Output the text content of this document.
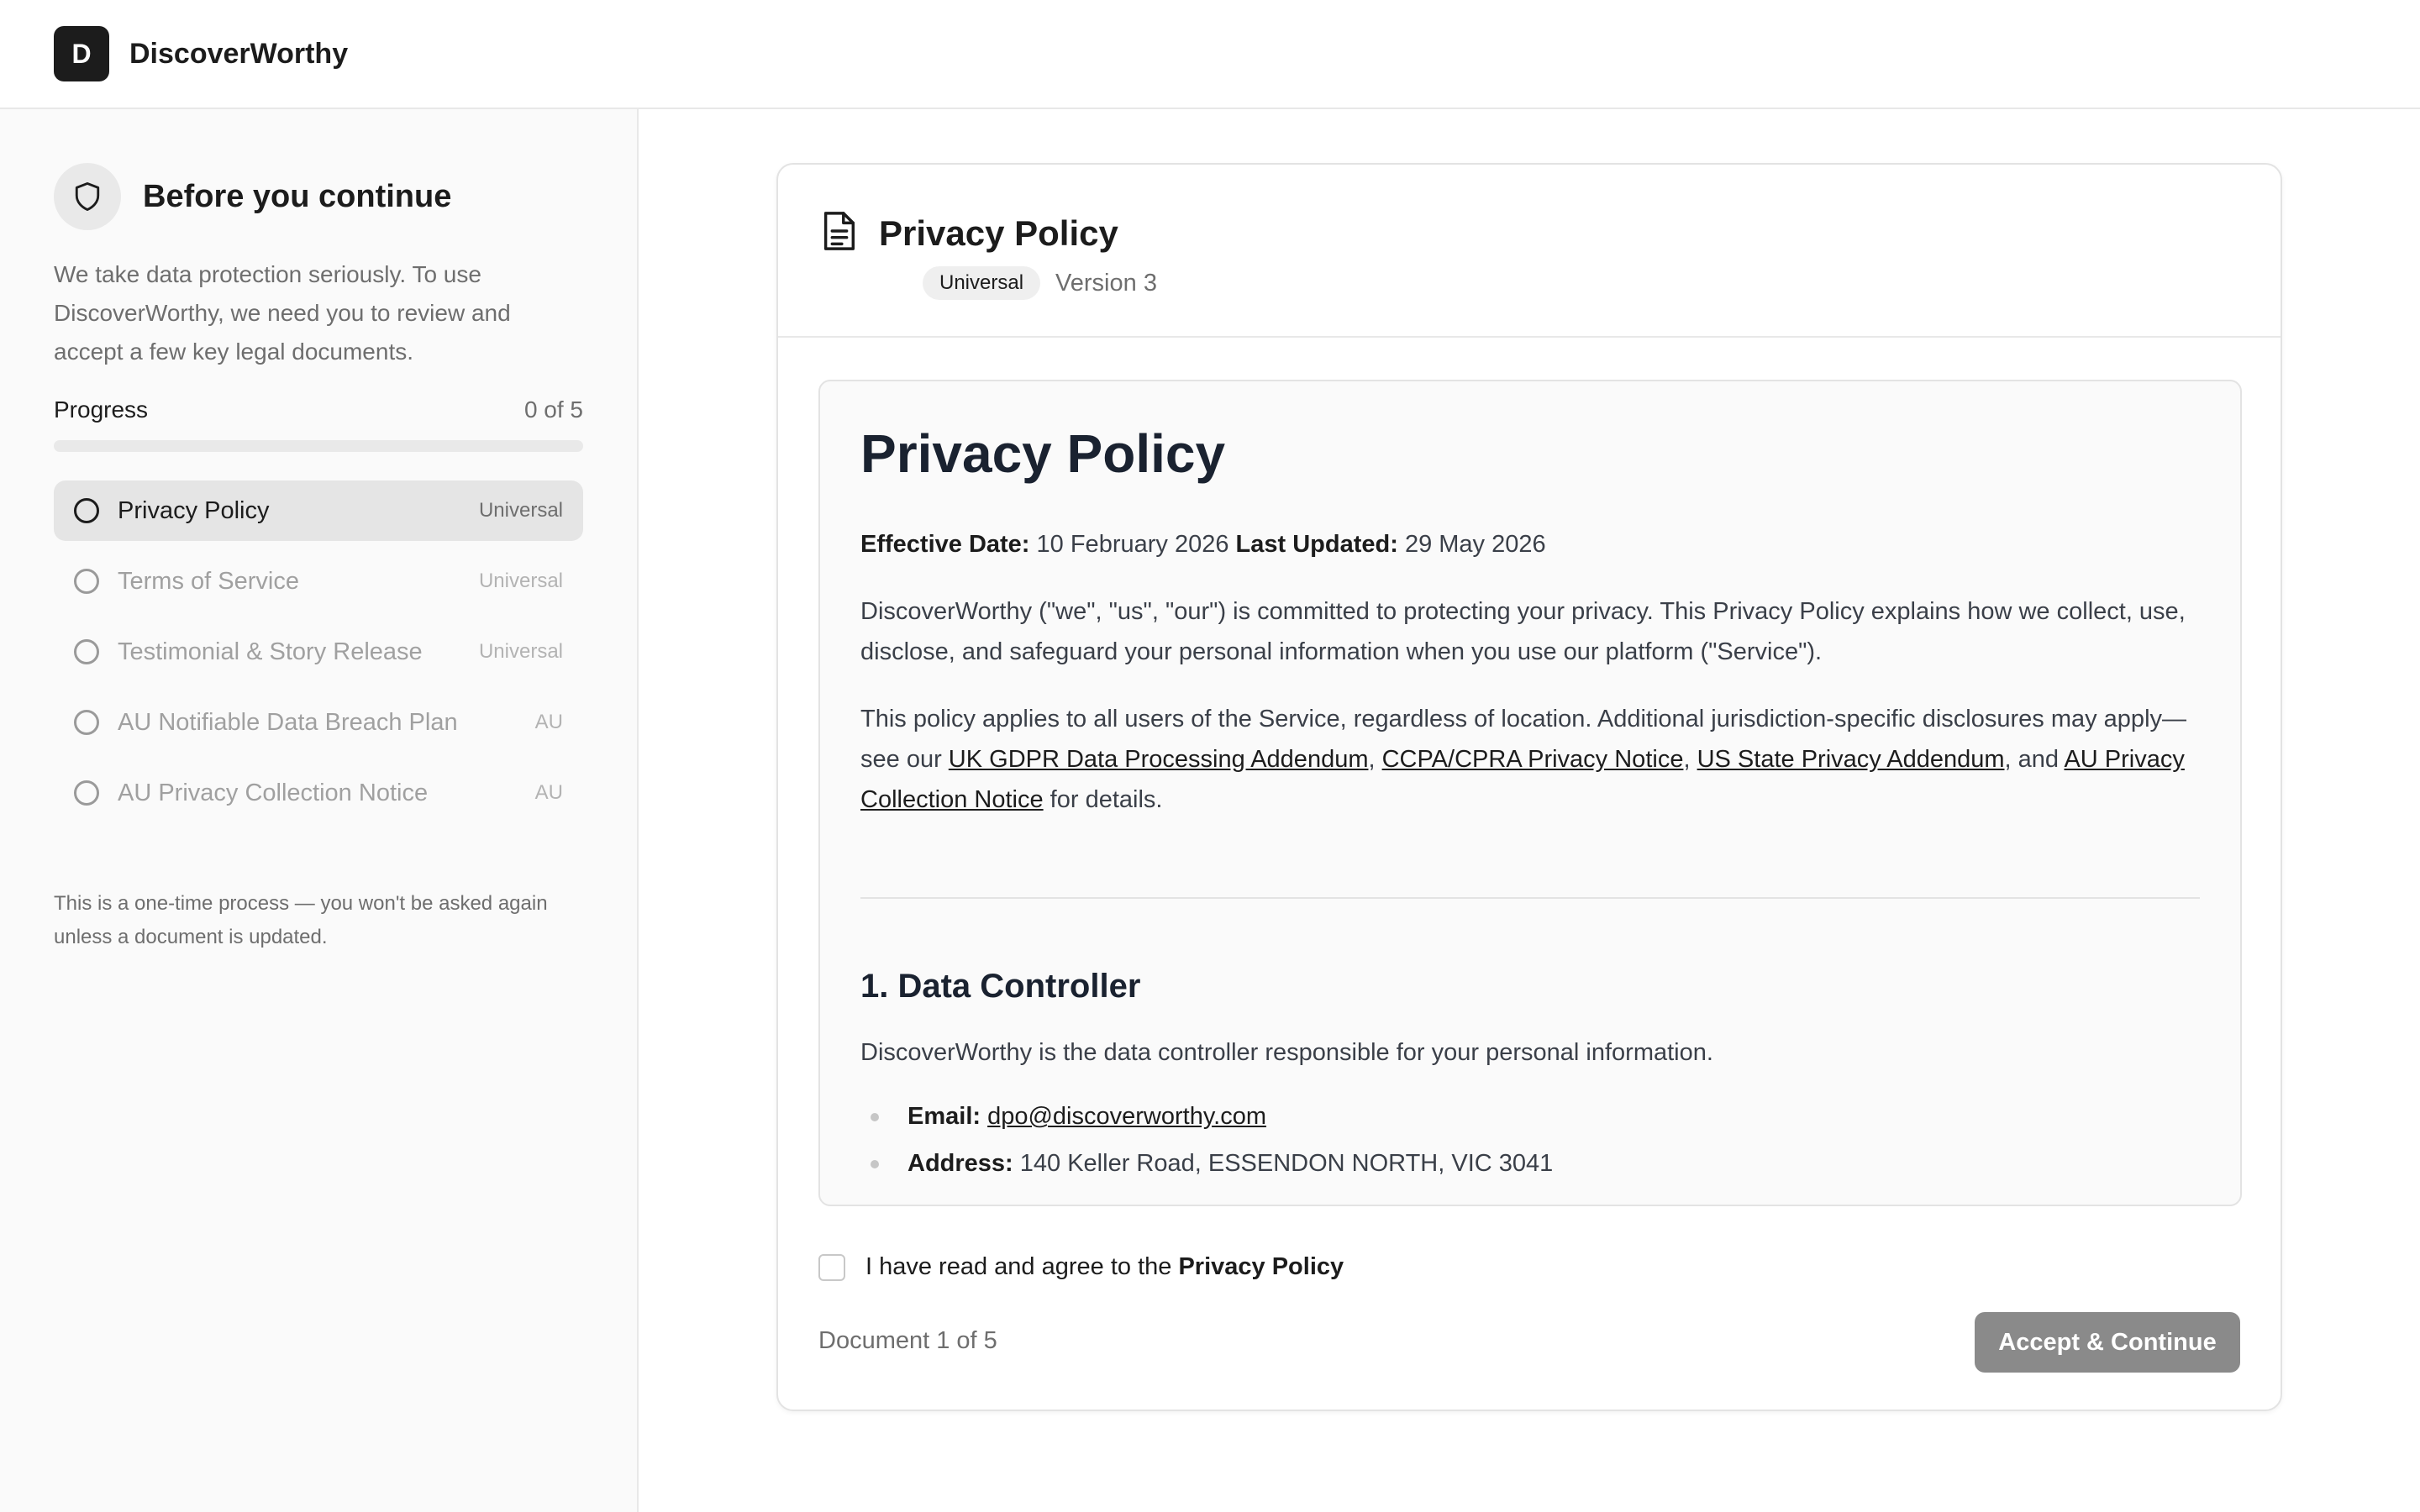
D	DiscoverWorthy
Before you continue

We take data protection seriously. To use DiscoverWorthy, we need you to review and accept a few key legal documents.

Progress	0 of 5
Privacy Policy	Universal
Terms of Service	Universal
Testimonial & Story Release	Universal
AU Notifiable Data Breach Plan	AU
AU Privacy Collection Notice	AU

This is a one-time process — you won't be asked again unless a document is updated.

Privacy Policy
Universal	Version 3
Privacy Policy

Effective Date: 10 February 2026 Last Updated: 29 May 2026

DiscoverWorthy ("we", "us", "our") is committed to protecting your privacy. This Privacy Policy explains how we collect, use, disclose, and safeguard your personal information when you use our platform ("Service").

This policy applies to all users of the Service, regardless of location. Additional jurisdiction-specific disclosures may apply—see our UK GDPR Data Processing Addendum, CCPA/CPRA Privacy Notice, US State Privacy Addendum, and AU Privacy Collection Notice for details.

1. Data Controller

DiscoverWorthy is the data controller responsible for your personal information.

Email: dpo@discoverworthy.com
Address: 140 Keller Road, ESSENDON NORTH, VIC 3041
I have read and agree to the Privacy Policy
Document 1 of 5	Accept & Continue
